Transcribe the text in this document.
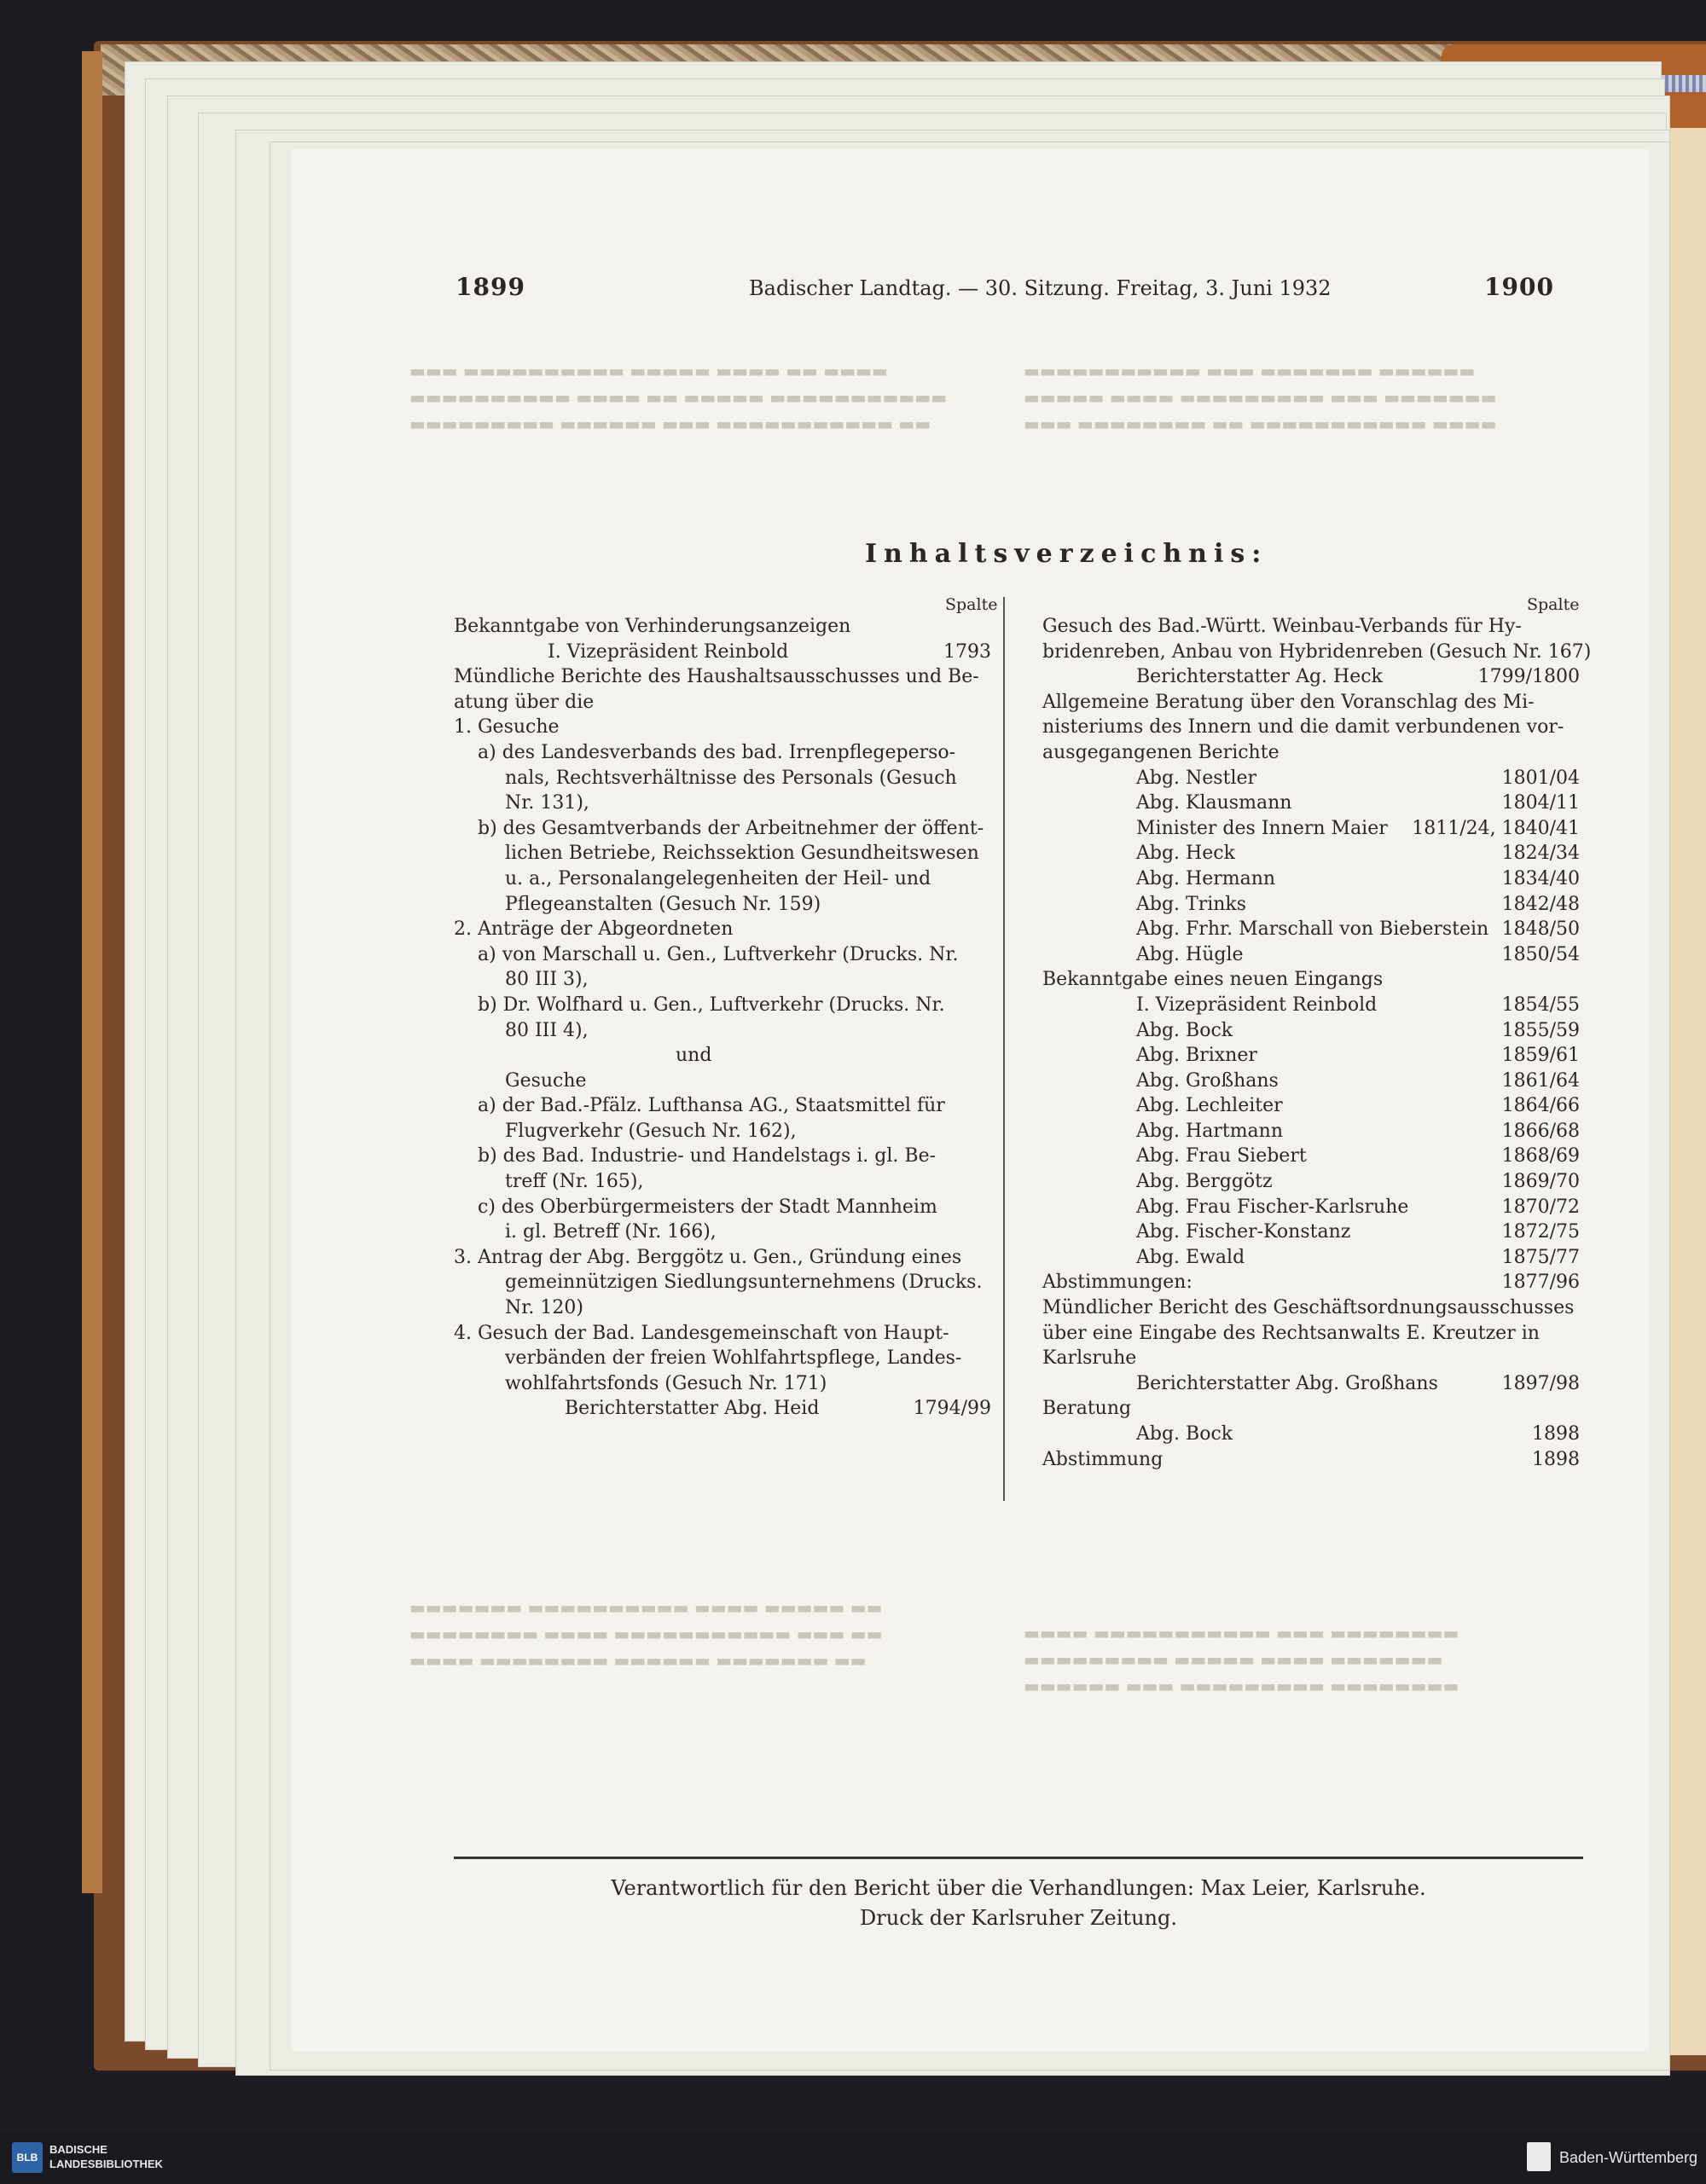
▬▬▬ ▬▬▬▬▬▬▬▬▬▬ ▬▬▬▬▬ ▬▬▬▬ ▬▬ ▬▬▬▬
▬▬▬▬▬▬▬▬▬▬ ▬▬▬▬ ▬▬ ▬▬▬▬▬ ▬▬▬▬▬▬▬▬▬▬▬
▬▬▬▬▬▬▬▬▬ ▬▬▬▬▬▬ ▬▬▬ ▬▬▬▬▬▬▬▬▬▬▬ ▬▬
▬▬▬▬▬▬▬▬▬▬▬ ▬▬▬ ▬▬▬▬▬▬▬ ▬▬▬▬▬▬
▬▬▬▬▬ ▬▬▬▬ ▬▬▬▬▬▬▬▬▬ ▬▬▬ ▬▬▬▬▬▬▬
▬▬▬ ▬▬▬▬▬▬▬▬ ▬▬ ▬▬▬▬▬▬▬▬▬▬▬ ▬▬▬▬
▬▬▬▬▬▬▬ ▬▬▬▬▬▬▬▬▬▬ ▬▬▬▬ ▬▬▬▬▬ ▬▬
▬▬▬▬▬▬▬▬ ▬▬▬▬ ▬▬▬▬▬▬▬▬▬▬▬ ▬▬▬ ▬▬
▬▬▬▬ ▬▬▬▬▬▬▬▬ ▬▬▬▬▬▬ ▬▬▬▬▬▬▬ ▬▬
▬▬▬▬ ▬▬▬▬▬▬▬▬▬▬▬ ▬▬▬ ▬▬▬▬▬▬▬▬
▬▬▬▬▬▬▬▬▬ ▬▬▬▬▬ ▬▬▬▬ ▬▬▬▬▬▬▬
▬▬▬▬▬▬ ▬▬▬ ▬▬▬▬▬▬▬▬▬ ▬▬▬▬▬▬▬▬
1899	Badischer Landtag. — 30. Sitzung. Freitag, 3. Juni 1932	1900
Inhaltsverzeichnis:
Spalte	Spalte
Bekanntgabe von Verhinderungsanzeigen
I. Vizepräsident Reinbold	1793
Mündliche Berichte des Haushaltsausschusses und Be-
atung über die
1. Gesuche
a) des Landesverbands des bad. Irrenpflegeperso-
nals, Rechtsverhältnisse des Personals (Gesuch
Nr. 131),
b) des Gesamtverbands der Arbeitnehmer der öffent-
lichen Betriebe, Reichssektion Gesundheitswesen
u. a., Personalangelegenheiten der Heil- und
Pflegeanstalten (Gesuch Nr. 159)
2. Anträge der Abgeordneten
a) von Marschall u. Gen., Luftverkehr (Drucks. Nr.
80 III 3),
b) Dr. Wolfhard u. Gen., Luftverkehr (Drucks. Nr.
80 III 4),
und
Gesuche
a) der Bad.-Pfälz. Lufthansa AG., Staatsmittel für
Flugverkehr (Gesuch Nr. 162),
b) des Bad. Industrie- und Handelstags i. gl. Be-
treff (Nr. 165),
c) des Oberbürgermeisters der Stadt Mannheim
i. gl. Betreff (Nr. 166),
3. Antrag der Abg. Berggötz u. Gen., Gründung eines
gemeinnützigen Siedlungsunternehmens (Drucks.
Nr. 120)
4. Gesuch der Bad. Landesgemeinschaft von Haupt-
verbänden der freien Wohlfahrtspflege, Landes-
wohlfahrtsfonds (Gesuch Nr. 171)
Berichterstatter Abg. Heid	1794/99
Gesuch des Bad.-Württ. Weinbau-Verbands für Hy-
bridenreben, Anbau von Hybridenreben (Gesuch Nr. 167)
Berichterstatter Ag. Heck	1799/1800
Allgemeine Beratung über den Voranschlag des Mi-
nisteriums des Innern und die damit verbundenen vor-
ausgegangenen Berichte
Abg. Nestler	1801/04
Abg. Klausmann	1804/11
Minister des Innern Maier 1811/24, 1840/41
Abg. Heck	1824/34
Abg. Hermann	1834/40
Abg. Trinks	1842/48
Abg. Frhr. Marschall von Bieberstein 1848/50
Abg. Hügle	1850/54
Bekanntgabe eines neuen Eingangs
I. Vizepräsident Reinbold	1854/55
Abg. Bock	1855/59
Abg. Brixner	1859/61
Abg. Großhans	1861/64
Abg. Lechleiter	1864/66
Abg. Hartmann	1866/68
Abg. Frau Siebert	1868/69
Abg. Berggötz	1869/70
Abg. Frau Fischer-Karlsruhe	1870/72
Abg. Fischer-Konstanz	1872/75
Abg. Ewald	1875/77
Abstimmungen:	1877/96
Mündlicher Bericht des Geschäftsordnungsausschusses
über eine Eingabe des Rechtsanwalts E. Kreutzer in
Karlsruhe
Berichterstatter Abg. Großhans	1897/98
Beratung
Abg. Bock	1898
Abstimmung	1898
Verantwortlich für den Bericht über die Verhandlungen: Max Leier, Karlsruhe.
Druck der Karlsruher Zeitung.
BLB
BADISCHE
LANDESBIBLIOTHEK	Baden-Württemberg
